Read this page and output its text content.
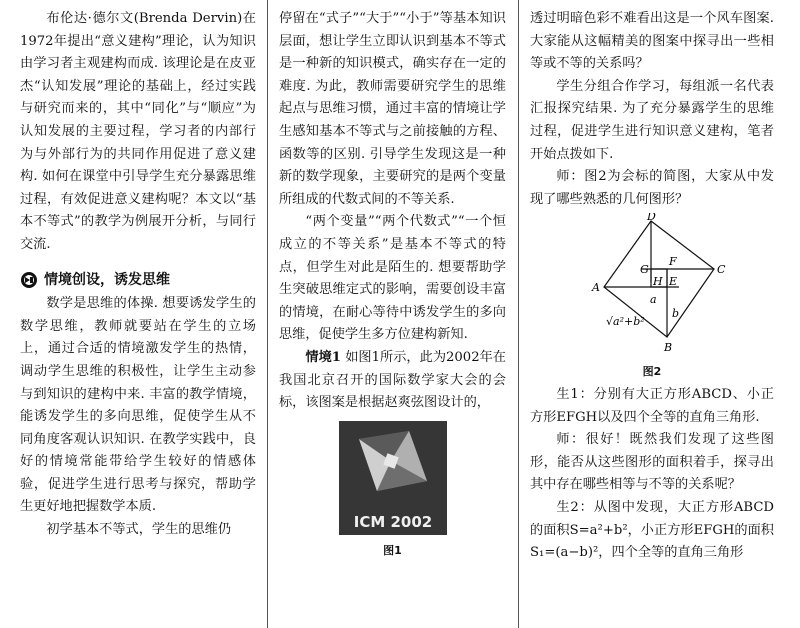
布伦达·德尔文(Brenda Dervin)在1972年提出“意义建构”理论，认为知识由学习者主观建构而成. 该理论是在皮亚杰“认知发展”理论的基础上，经过实践与研究而来的，其中“同化”与“顺应”为认知发展的主要过程，学习者的内部行为与外部行为的共同作用促进了意义建构. 如何在课堂中引导学生充分暴露思维过程，有效促进意义建构呢？本文以“基本不等式”的教学为例展开分析，与同行交流.

情境创设，诱发思维

数学是思维的体操. 想要诱发学生的数学思维，教师就要站在学生的立场上，通过合适的情境激发学生的热情，调动学生思维的积极性，让学生主动参与到知识的建构中来. 丰富的教学情境，能诱发学生的多向思维，促使学生从不同角度客观认识知识. 在教学实践中，良好的情境常能带给学生较好的情感体验，促进学生进行思考与探究，帮助学生更好地把握数学本质.

初学基本不等式，学生的思维仍

停留在“式子”“大于”“小于”等基本知识层面，想让学生立即认识到基本不等式是一种新的知识模式，确实存在一定的难度. 为此，教师需要研究学生的思维起点与思维习惯，通过丰富的情境让学生感知基本不等式与之前接触的方程、函数等的区别. 引导学生发现这是一种新的数学现象，主要研究的是两个变量所组成的代数式间的不等关系.

“两个变量”“两个代数式”“一个恒成立的不等关系”是基本不等式的特点，但学生对此是陌生的. 想要帮助学生突破思维定式的影响，需要创设丰富的情境，在耐心等待中诱发学生的多向思维，促使学生多方位建构新知.

情境1 如图1所示，此为2002年在我国北京召开的国际数学家大会的会标，该图案是根据赵爽弦图设计的，

ICM 2002
图1

透过明暗色彩不难看出这是一个风车图案. 大家能从这幅精美的图案中探寻出一些相等或不等的关系吗？

学生分组合作学习，每组派一名代表汇报探究结果. 为了充分暴露学生的思维过程，促进学生进行知识意义建构，笔者开始点拨如下.

师：图2为会标的简图，大家从中发现了哪些熟悉的几何图形？

D
C
A
B
G
F
H E
a
b
√a²+b²
图2

生1：分别有大正方形ABCD、小正方形EFGH以及四个全等的直角三角形.

师：很好！既然我们发现了这些图形，能否从这些图形的面积着手，探寻出其中存在哪些相等与不等的关系呢？

生2：从图中发现，大正方形ABCD的面积S=a²+b²，小正方形EFGH的面积S₁=(a−b)²，四个全等的直角三角形
